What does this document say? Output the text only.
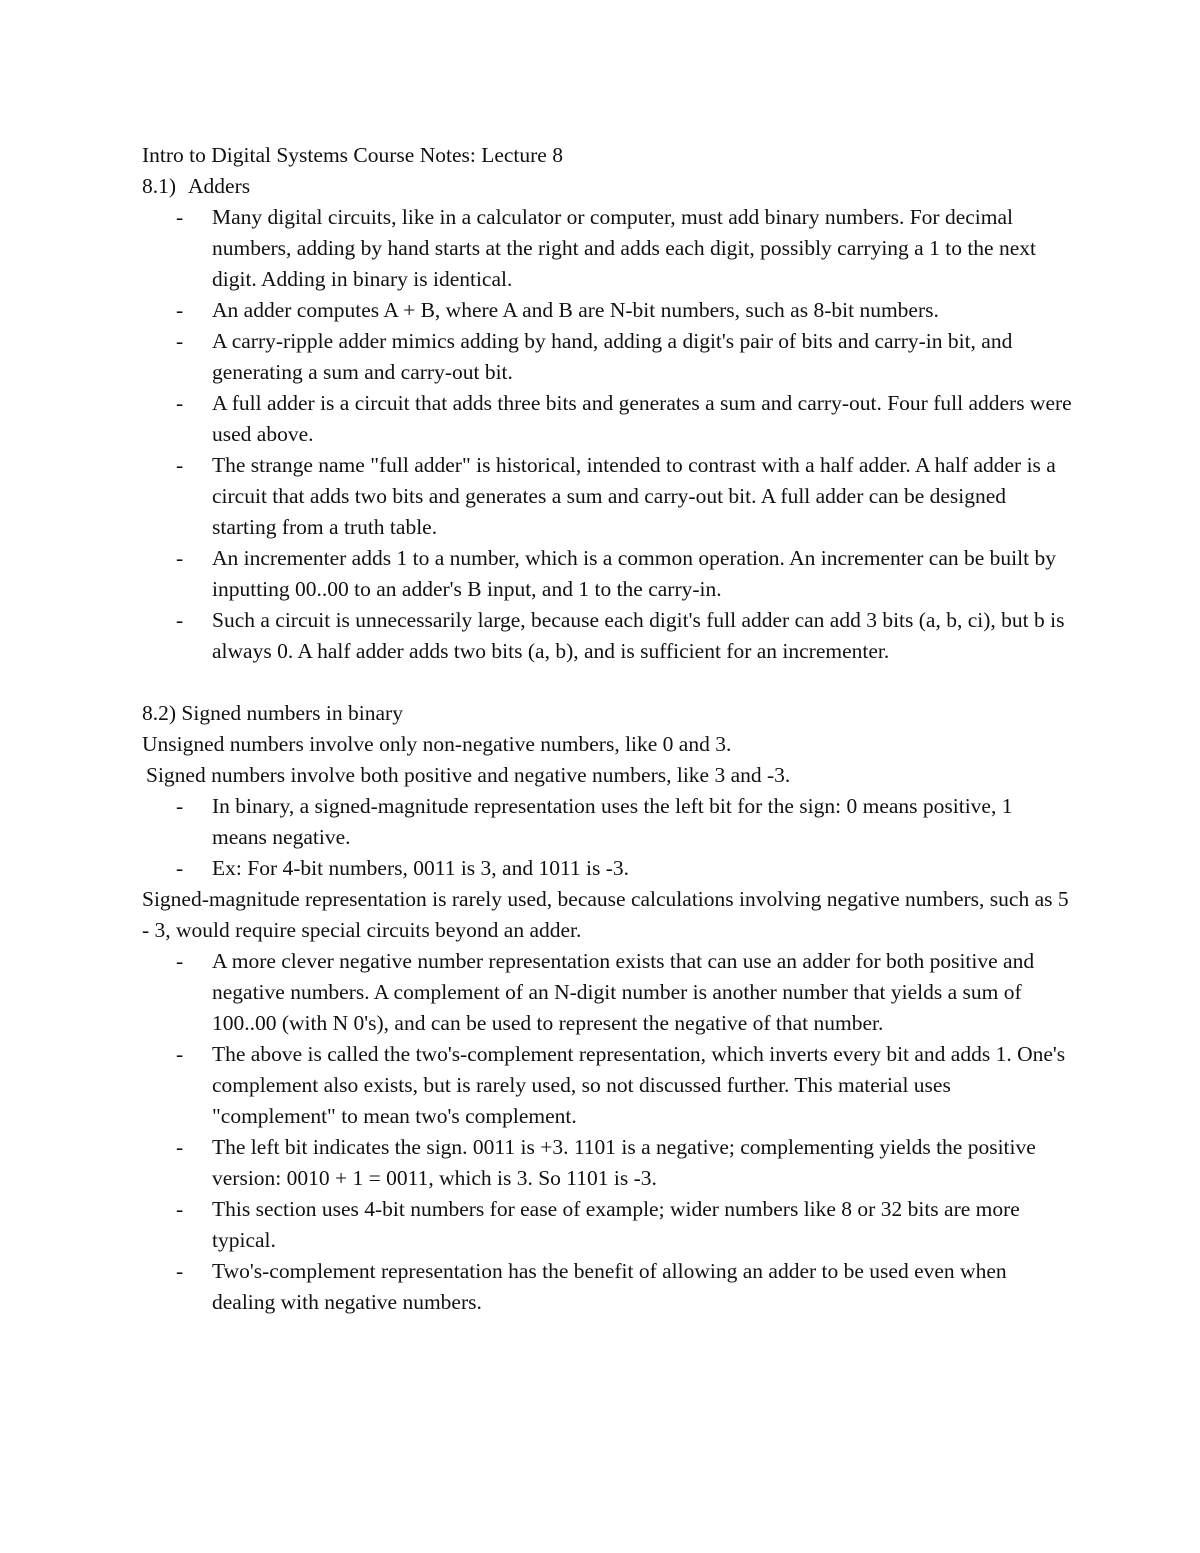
Intro to Digital Systems Course Notes: Lecture 8

8.1) Adders

- Many digital circuits, like in a calculator or computer, must add binary numbers. For decimal numbers, adding by hand starts at the right and adds each digit, possibly carrying a 1 to the next digit. Adding in binary is identical.
- An adder computes A + B, where A and B are N-bit numbers, such as 8-bit numbers.
- A carry-ripple adder mimics adding by hand, adding a digit's pair of bits and carry-in bit, and generating a sum and carry-out bit.
- A full adder is a circuit that adds three bits and generates a sum and carry-out. Four full adders were used above.
- The strange name "full adder" is historical, intended to contrast with a half adder. A half adder is a circuit that adds two bits and generates a sum and carry-out bit. A full adder can be designed starting from a truth table.
- An incrementer adds 1 to a number, which is a common operation. An incrementer can be built by inputting 00..00 to an adder's B input, and 1 to the carry-in.
- Such a circuit is unnecessarily large, because each digit's full adder can add 3 bits (a, b, ci), but b is always 0. A half adder adds two bits (a, b), and is sufficient for an incrementer.

8.2) Signed numbers in binary

Unsigned numbers involve only non-negative numbers, like 0 and 3.

Signed numbers involve both positive and negative numbers, like 3 and -3.

- In binary, a signed-magnitude representation uses the left bit for the sign: 0 means positive, 1 means negative.
- Ex: For 4-bit numbers, 0011 is 3, and 1011 is -3.

Signed-magnitude representation is rarely used, because calculations involving negative numbers, such as 5 - 3, would require special circuits beyond an adder.

- A more clever negative number representation exists that can use an adder for both positive and negative numbers. A complement of an N-digit number is another number that yields a sum of 100..00 (with N 0's), and can be used to represent the negative of that number.
- The above is called the two's-complement representation, which inverts every bit and adds 1. One's complement also exists, but is rarely used, so not discussed further. This material uses "complement" to mean two's complement.
- The left bit indicates the sign. 0011 is +3. 1101 is a negative; complementing yields the positive version: 0010 + 1 = 0011, which is 3. So 1101 is -3.
- This section uses 4-bit numbers for ease of example; wider numbers like 8 or 32 bits are more typical.
- Two's-complement representation has the benefit of allowing an adder to be used even when dealing with negative numbers.
